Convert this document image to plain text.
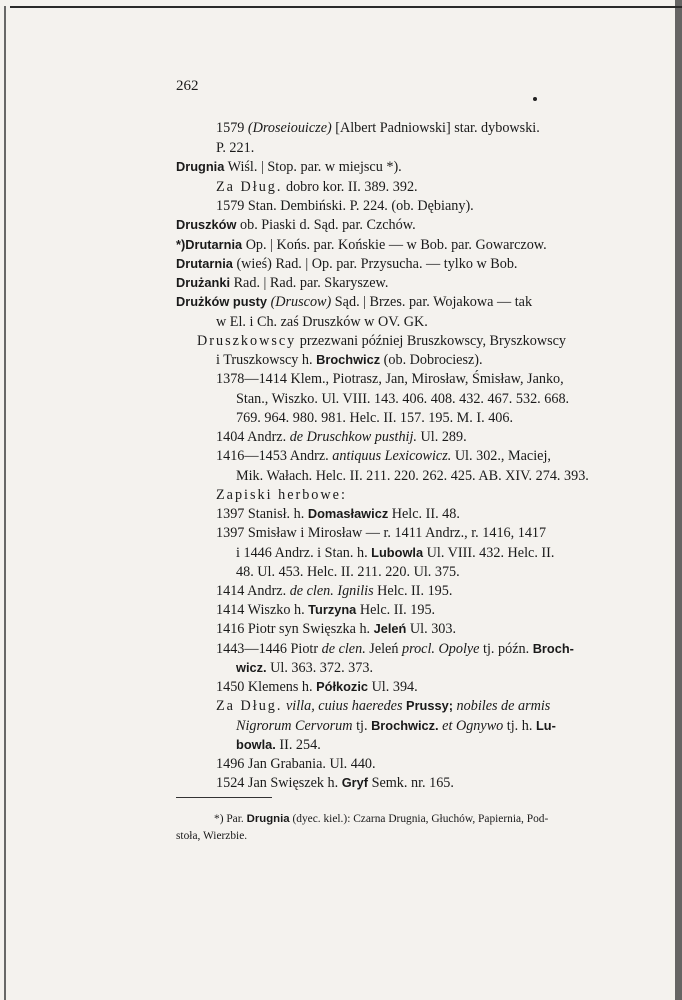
262
1579 (Droseiouicze) [Albert Padniowski] star. dybowski.
P. 221.
Drugnia Wiśl. | Stop. par. w miejscu *).
Za Dług. dobro kor. II. 389. 392.
1579 Stan. Dembiński. P. 224. (ob. Dębiany).
Druszków ob. Piaski d. Sąd. par. Czchów.
*)Drutarnia Op. | Końs. par. Końskie — w Bob. par. Gowarczow.
Drutarnia (wieś) Rad. | Op. par. Przysucha. — tylko w Bob.
Drużanki Rad. | Rad. par. Skaryszew.
Drużków pusty (Druscow) Sąd. | Brzes. par. Wojakowa — tak
w El. i Ch. zaś Druszków w OV. GK.
Druszkowscy przezwani później Bruszkowscy, Bryszkowscy
i Truszkowscy h. Brochwicz (ob. Dobrociesz).
1378—1414 Klem., Piotrasz, Jan, Mirosław, Śmisław, Janko,
Stan., Wiszko. Ul. VIII. 143. 406. 408. 432. 467. 532. 668.
769. 964. 980. 981. Helc. II. 157. 195. M. I. 406.
1404 Andrz. de Druschkow pusthij. Ul. 289.
1416—1453 Andrz. antiquus Lexicowicz. Ul. 302., Maciej,
Mik. Wałach. Helc. II. 211. 220. 262. 425. AB. XIV. 274. 393.
Zapiski herbowe:
1397 Stanisł. h. Domasławicz Helc. II. 48.
1397 Smisław i Mirosław — r. 1411 Andrz., r. 1416, 1417
i 1446 Andrz. i Stan. h. Lubowla Ul. VIII. 432. Helc. II.
48. Ul. 453. Helc. II. 211. 220. Ul. 375.
1414 Andrz. de clen. Ignilis Helc. II. 195.
1414 Wiszko h. Turzyna Helc. II. 195.
1416 Piotr syn Swięszka h. Jeleń Ul. 303.
1443—1446 Piotr de clen. Jeleń procl. Opolye tj. późn. Broch-
wicz. Ul. 363. 372. 373.
1450 Klemens h. Półkozic Ul. 394.
Za Dług. villa, cuius haeredes Prussy; nobiles de armis
Nigrorum Cervorum tj. Brochwicz. et Ognywo tj. h. Lu-
bowla. II. 254.
1496 Jan Grabania. Ul. 440.
1524 Jan Swięszek h. Gryf Semk. nr. 165.
*) Par. Drugnia (dyec. kiel.): Czarna Drugnia, Głuchów, Papiernia, Pod-
stoła, Wierzbie.
